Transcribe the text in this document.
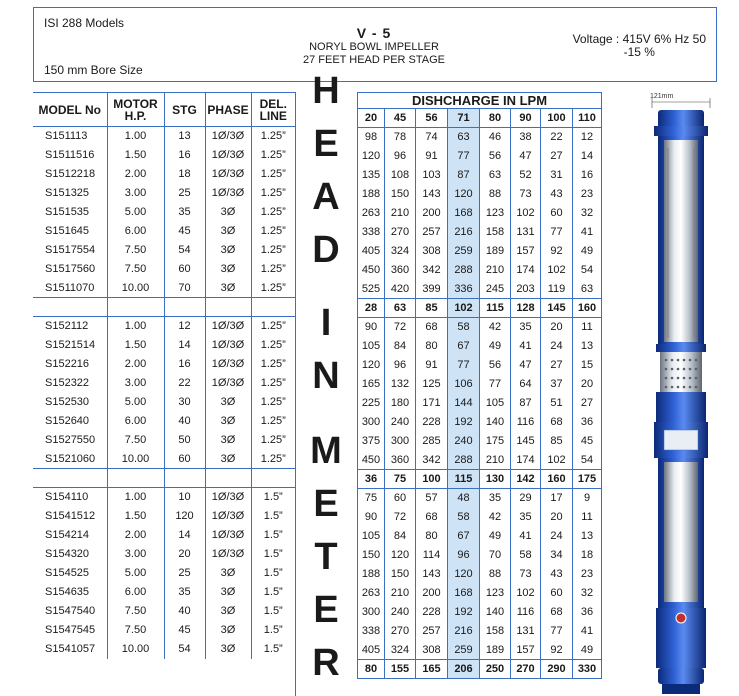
ISI 288 Models
150 mm Bore Size
V - 5
NORYL BOWL IMPELLER
27 FEET HEAD PER STAGE
Voltage : 415V 6% Hz 50
-15 %
MODEL No	MOTOR H.P.	STG	PHASE	DEL. LINE

S151113	1.00	13	1Ø/3Ø	1.25”
S1511516	1.50	16	1Ø/3Ø	1.25”
S1512218	2.00	18	1Ø/3Ø	1.25”
S151325	3.00	25	1Ø/3Ø	1.25”
S151535	5.00	35	3Ø	1.25”
S151645	6.00	45	3Ø	1.25”
S1517554	7.50	54	3Ø	1.25”
S1517560	7.50	60	3Ø	1.25”
S1511070	10.00	70	3Ø	1.25”

S152112	1.00	12	1Ø/3Ø	1.25”
S1521514	1.50	14	1Ø/3Ø	1.25”
S152216	2.00	16	1Ø/3Ø	1.25”
S152322	3.00	22	1Ø/3Ø	1.25”
S152530	5.00	30	3Ø	1.25”
S152640	6.00	40	3Ø	1.25”
S1527550	7.50	50	3Ø	1.25”
S1521060	10.00	60	3Ø	1.25”

S154110	1.00	10	1Ø/3Ø	1.5”
S1541512	1.50	120	1Ø/3Ø	1.5”
S154214	2.00	14	1Ø/3Ø	1.5”
S154320	3.00	20	1Ø/3Ø	1.5”
S154525	5.00	25	3Ø	1.5”
S154635	6.00	35	3Ø	1.5”
S1547540	7.50	40	3Ø	1.5”
S1547545	7.50	45	3Ø	1.5”
S1541057	10.00	54	3Ø	1.5”
H
E
A
D
I
N
M
E
T
E
R
DISHCHARGE IN LPM							
20	45	56	71	80	90	100	110
98	78	74	63	46	38	22	12
120	96	91	77	56	47	27	14
135	108	103	87	63	52	31	16
188	150	143	120	88	73	43	23
263	210	200	168	123	102	60	32
338	270	257	216	158	131	77	41
405	324	308	259	189	157	92	49
450	360	342	288	210	174	102	54
525	420	399	336	245	203	119	63
28	63	85	102	115	128	145	160
90	72	68	58	42	35	20	11
105	84	80	67	49	41	24	13
120	96	91	77	56	47	27	15
165	132	125	106	77	64	37	20
225	180	171	144	105	87	51	27
300	240	228	192	140	116	68	36
375	300	285	240	175	145	85	45
450	360	342	288	210	174	102	54
36	75	100	115	130	142	160	175
75	60	57	48	35	29	17	9
90	72	68	58	42	35	20	11
105	84	80	67	49	41	24	13
150	120	114	96	70	58	34	18
188	150	143	120	88	73	43	23
263	210	200	168	123	102	60	32
300	240	228	192	140	116	68	36
338	270	257	216	158	131	77	41
405	324	308	259	189	157	92	49
80	155	165	206	250	270	290	330
121mm
